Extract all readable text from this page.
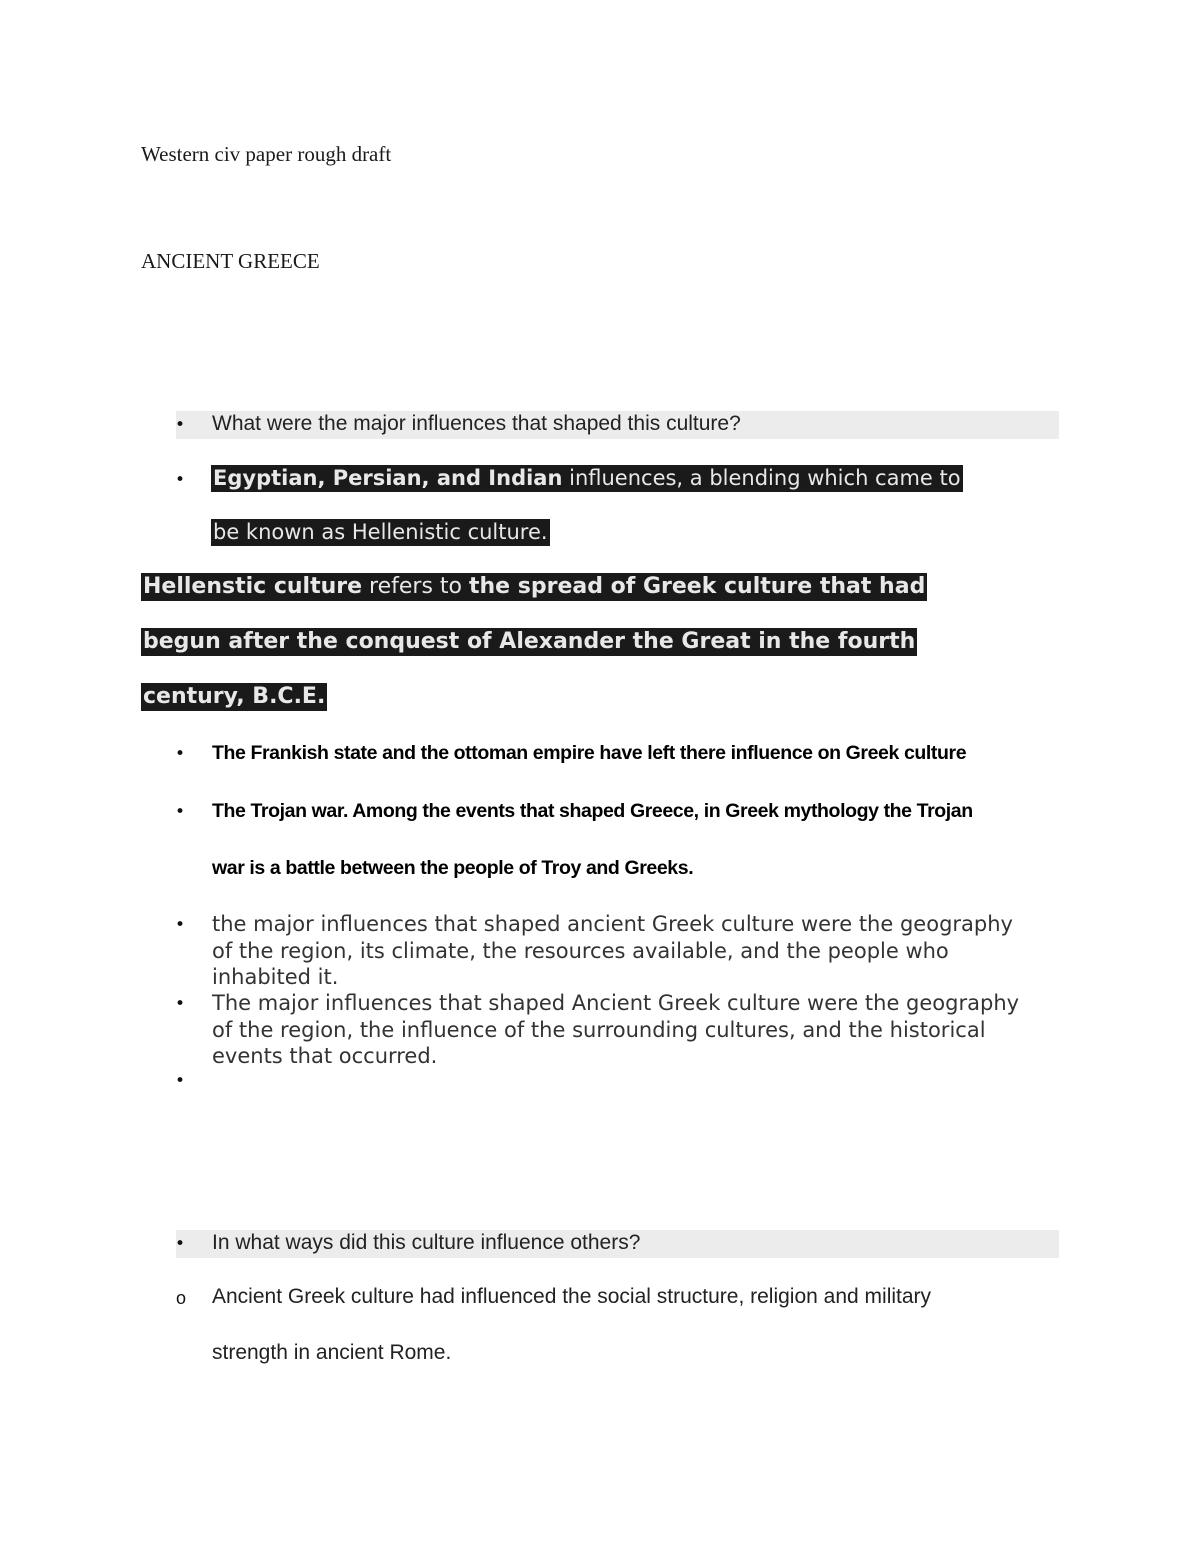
Western civ paper rough draft
ANCIENT GREECE
• What were the major influences that shaped this culture?
• Egyptian, Persian, and Indian influences, a blending which came to
be known as Hellenistic culture.
Hellenstic culture refers to the spread of Greek culture that had
begun after the conquest of Alexander the Great in the fourth
century, B.C.E.
• The Frankish state and the ottoman empire have left there influence on Greek culture
• The Trojan war. Among the events that shaped Greece, in Greek mythology the Trojan
war is a battle between the people of Troy and Greeks.
• the major influences that shaped ancient Greek culture were the geography of the region, its climate, the resources available, and the people who inhabited it.
• The major influences that shaped Ancient Greek culture were the geography of the region, the influence of the surrounding cultures, and the historical events that occurred.
•
• In what ways did this culture influence others?
o Ancient Greek culture had influenced the social structure, religion and military
strength in ancient Rome.
